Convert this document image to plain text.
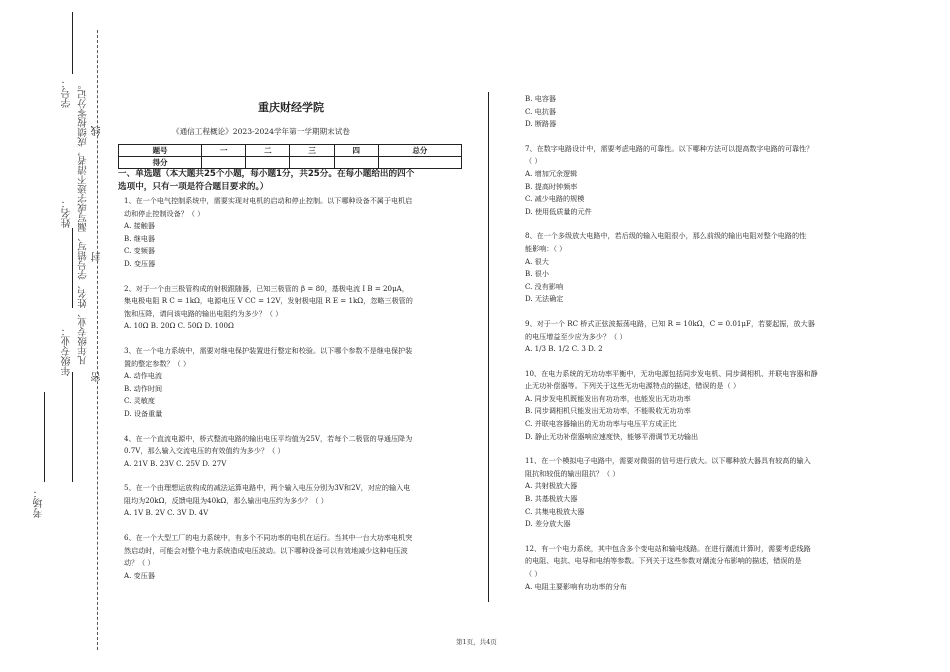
学号： 凡年级专业、姓名、学号错写、漏写或字迹不清者，成绩按零分记。 线
封
密
姓名：
年级专业：
考场：
重庆财经学院
《通信工程概论》2023-2024学年第一学期期末试卷
题号	一	二	三	四	总分
得分					
一、单选题（本大题共25个小题，每小题1分，共25分。在每小题给出的四个
选项中，只有一项是符合题目要求的。）
1、在一个电气控制系统中，需要实现对电机的启动和停止控制。以下哪种设备不属于电机启
动和停止控制设备？（ ）
A. 接触器
B. 继电器
C. 变频器
D. 变压器
2、对于一个由三极管构成的射极跟随器，已知三极管的 β = 80，基极电流 I B = 20μA，
集电极电阻 R C = 1kΩ，电源电压 V CC = 12V，发射极电阻 R E = 1kΩ，忽略三极管的
饱和压降，请问该电路的输出电阻约为多少？（ ）
A. 10Ω B. 20Ω C. 50Ω D. 100Ω
3、在一个电力系统中，需要对继电保护装置进行整定和校验。以下哪个参数不是继电保护装
置的整定参数？（ ）
A. 动作电流
B. 动作时间
C. 灵敏度
D. 设备重量
4、在一个直流电源中，桥式整流电路的输出电压平均值为25V，若每个二极管的导通压降为
0.7V，那么输入交流电压的有效值约为多少？（ ）
A. 21V B. 23V C. 25V D. 27V
5、在一个由理想运放构成的减法运算电路中，两个输入电压分别为3V和2V，对应的输入电
阻均为20kΩ，反馈电阻为40kΩ，那么输出电压约为多少？（ ）
A. 1V B. 2V C. 3V D. 4V
6、在一个大型工厂的电力系统中，有多个不同功率的电机在运行。当其中一台大功率电机突
然启动时，可能会对整个电力系统造成电压波动。以下哪种设备可以有效地减少这种电压波
动？（ ）
A. 变压器
B. 电容器
C. 电抗器
D. 断路器
7、在数字电路设计中，需要考虑电路的可靠性。以下哪种方法可以提高数字电路的可靠性？
（ ）
A. 增加冗余逻辑
B. 提高时钟频率
C. 减少电路的规模
D. 使用低质量的元件
8、在一个多级放大电路中，若后级的输入电阻很小，那么前级的输出电阻对整个电路的性
能影响：（ ）
A. 很大
B. 很小
C. 没有影响
D. 无法确定
9、对于一个 RC 桥式正弦波振荡电路，已知 R = 10kΩ，C = 0.01μF，若要起振，放大器
的电压增益至少应为多少？（ ）
A. 1/3 B. 1/2 C. 3 D. 2
10、在电力系统的无功功率平衡中，无功电源包括同步发电机、同步调相机、并联电容器和静
止无功补偿器等。下列关于这些无功电源特点的描述，错误的是（ ）
A. 同步发电机既能发出有功功率，也能发出无功功率
B. 同步调相机只能发出无功功率，不能吸收无功功率
C. 并联电容器输出的无功功率与电压平方成正比
D. 静止无功补偿器响应速度快，能够平滑调节无功输出
11、在一个模拟电子电路中，需要对微弱的信号进行放大。以下哪种放大器具有较高的输入
阻抗和较低的输出阻抗？（ ）
A. 共射极放大器
B. 共基极放大器
C. 共集电极放大器
D. 差分放大器
12、有一个电力系统，其中包含多个变电站和输电线路。在进行潮流计算时，需要考虑线路
的电阻、电抗、电导和电纳等参数。下列关于这些参数对潮流分布影响的描述，错误的是
（ ）
A. 电阻主要影响有功功率的分布
第1页，共4页
